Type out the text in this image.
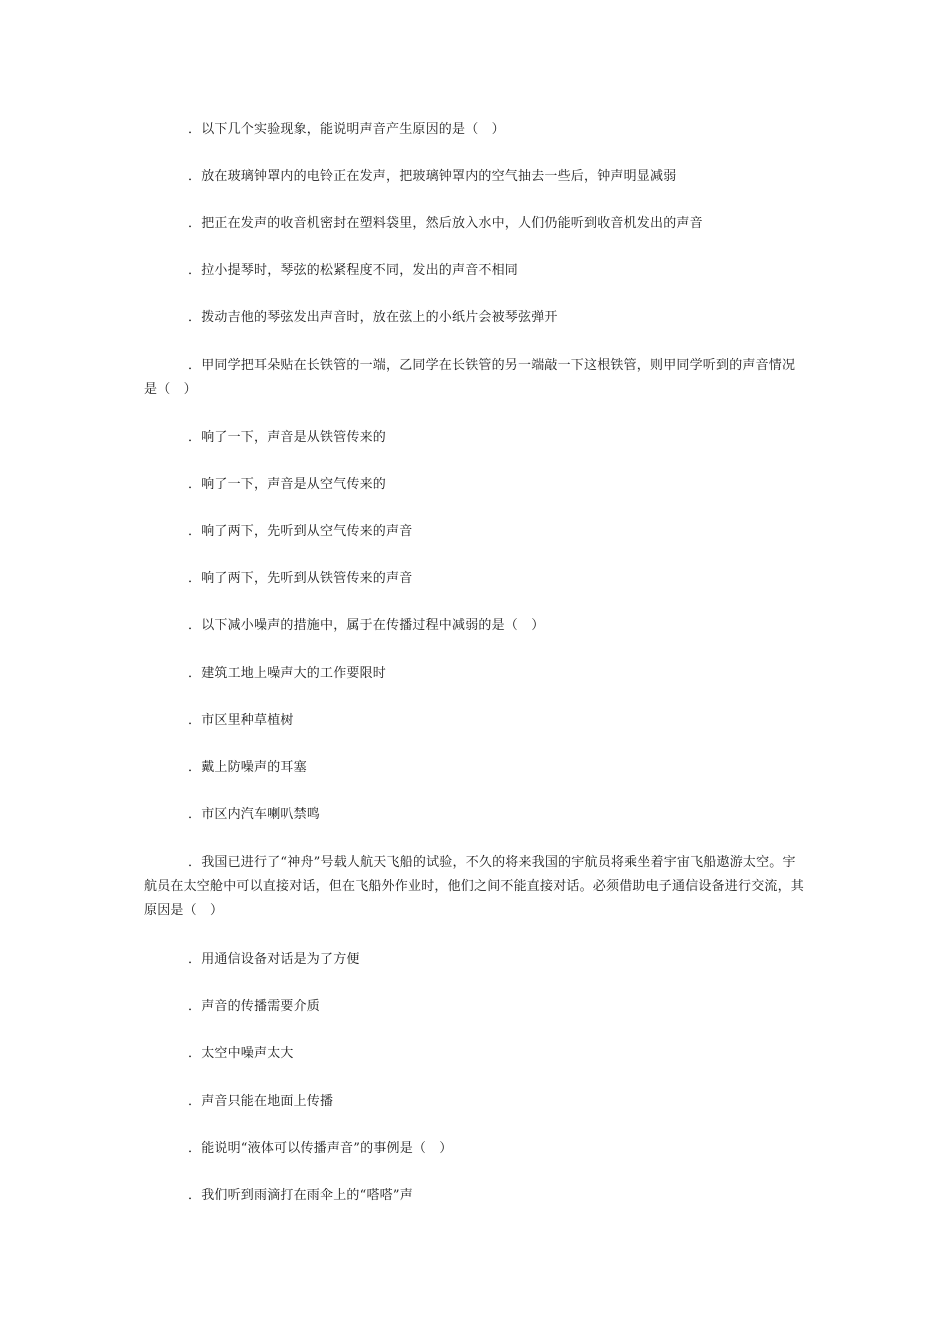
．以下几个实验现象，能说明声音产生原因的是（　）

．放在玻璃钟罩内的电铃正在发声，把玻璃钟罩内的空气抽去一些后，钟声明显减弱

．把正在发声的收音机密封在塑料袋里，然后放入水中，人们仍能听到收音机发出的声音

．拉小提琴时，琴弦的松紧程度不同，发出的声音不相同

．拨动吉他的琴弦发出声音时，放在弦上的小纸片会被琴弦弹开

．甲同学把耳朵贴在长铁管的一端，乙同学在长铁管的另一端敲一下这根铁管，则甲同学听到的声音情况是（　）

．响了一下，声音是从铁管传来的

．响了一下，声音是从空气传来的

．响了两下，先听到从空气传来的声音

．响了两下，先听到从铁管传来的声音

．以下减小噪声的措施中，属于在传播过程中减弱的是（　）

．建筑工地上噪声大的工作要限时

．市区里种草植树

．戴上防噪声的耳塞

．市区内汽车喇叭禁鸣

．我国已进行了“神舟”号载人航天飞船的试验，不久的将来我国的宇航员将乘坐着宇宙飞船遨游太空。宇航员在太空舱中可以直接对话，但在飞船外作业时，他们之间不能直接对话。必须借助电子通信设备进行交流，其原因是（　）

．用通信设备对话是为了方便

．声音的传播需要介质

．太空中噪声太大

．声音只能在地面上传播

．能说明“液体可以传播声音”的事例是（　）

．我们听到雨滴打在雨伞上的“嗒嗒”声
